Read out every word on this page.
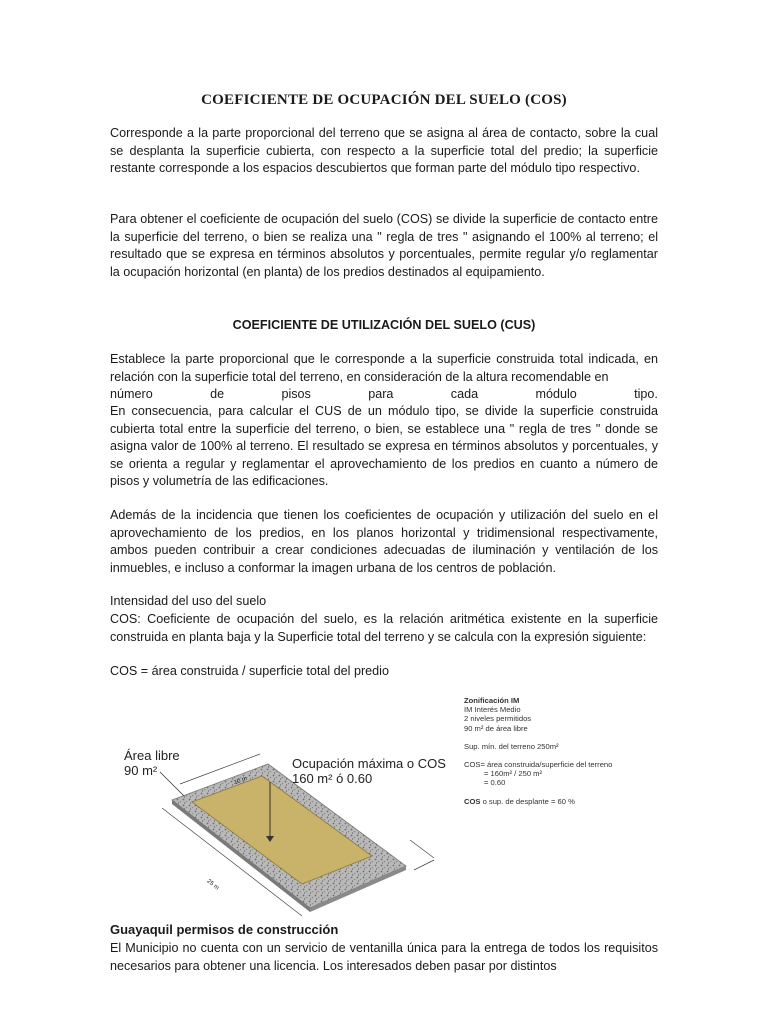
COEFICIENTE DE OCUPACIÓN DEL SUELO (COS)

Corresponde a la parte proporcional del terreno que se asigna al área de contacto, sobre la cual se desplanta la superficie cubierta, con respecto a la superficie total del predio; la superficie restante corresponde a los espacios descubiertos que forman parte del módulo tipo respectivo.

Para obtener el coeficiente de ocupación del suelo (COS) se divide la superficie de contacto entre la superficie del terreno, o bien se realiza una " regla de tres " asignando el 100% al terreno; el resultado que se expresa en términos absolutos y porcentuales, permite regular y/o reglamentar la ocupación horizontal (en planta) de los predios destinados al equipamiento.

COEFICIENTE DE UTILIZACIÓN DEL SUELO (CUS)

Establece la parte proporcional que le corresponde a la superficie construida total indicada, en relación con la superficie total del terreno, en consideración de la altura recomendable en

número	de	pisos	para	cada	módulo	tipo.

En consecuencia, para calcular el CUS de un módulo tipo, se divide la superficie construida cubierta total entre la superficie del terreno, o bien, se establece una " regla de tres " donde se asigna valor de 100% al terreno. El resultado se expresa en términos absolutos y porcentuales, y se orienta a regular y reglamentar el aprovechamiento de los predios en cuanto a número de pisos y volumetría de las edificaciones.

Además de la incidencia que tienen los coeficientes de ocupación y utilización del suelo en el aprovechamiento de los predios, en los planos horizontal y tridimensional respectivamente, ambos pueden contribuir a crear condiciones adecuadas de iluminación y ventilación de los inmuebles, e incluso a conformar la imagen urbana de los centros de población.

Intensidad del uso del suelo

COS: Coeficiente de ocupación del suelo, es la relación aritmética existente en la superficie construida en planta baja y la Superficie total del terreno y se calcula con la expresión siguiente:

COS = área construida / superficie total del predio

Área libre
90 m²	Ocupación máxima o COS
160 m² ó 0.60
10 m
25 m
Zonificación IM
IM Interés Medio
2 niveles permitidos
90 m² de área libre
Sup. mín. del terreno 250m²
COS= área construida/superficie del terreno
= 160m² / 250 m²
= 0.60
COS o sup. de desplante = 60 %
Guayaquil permisos de construcción

El Municipio no cuenta con un servicio de ventanilla única para la entrega de todos los requisitos necesarios para obtener una licencia. Los interesados deben pasar por distintos
